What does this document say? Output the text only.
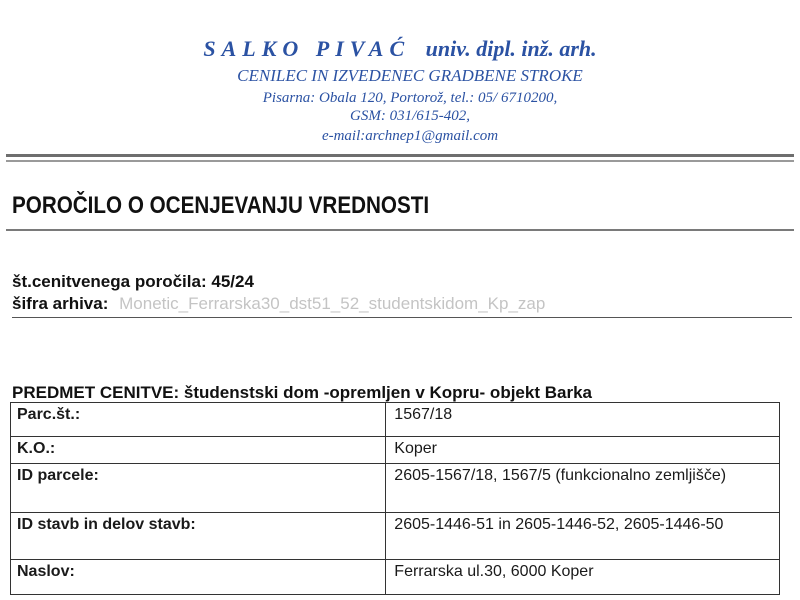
SALKO PIVAĆ univ. dipl. inž. arh.
CENILEC IN IZVEDENEC GRADBENE STROKE
Pisarna: Obala 120, Portorož, tel.: 05/ 6710200,
GSM: 031/615-402,
e-mail:archnep1@gmail.com
POROČILO O OCENJEVANJU VREDNOSTI
št.cenitvenega poročila: 45/24
šifra arhiva: Monetic_Ferrarska30_dst51_52_studentskidom_Kp_zap
PREDMET CENITVE: študenstski dom -opremljen v Kopru- objekt Barka
Parc.št.:	1567/18
K.O.:	Koper
ID parcele:	2605-1567/18, 1567/5 (funkcionalno zemljišče)
ID stavb in delov stavb:	2605-1446-51 in 2605-1446-52, 2605-1446-50
Naslov:	Ferrarska ul.30, 6000 Koper
